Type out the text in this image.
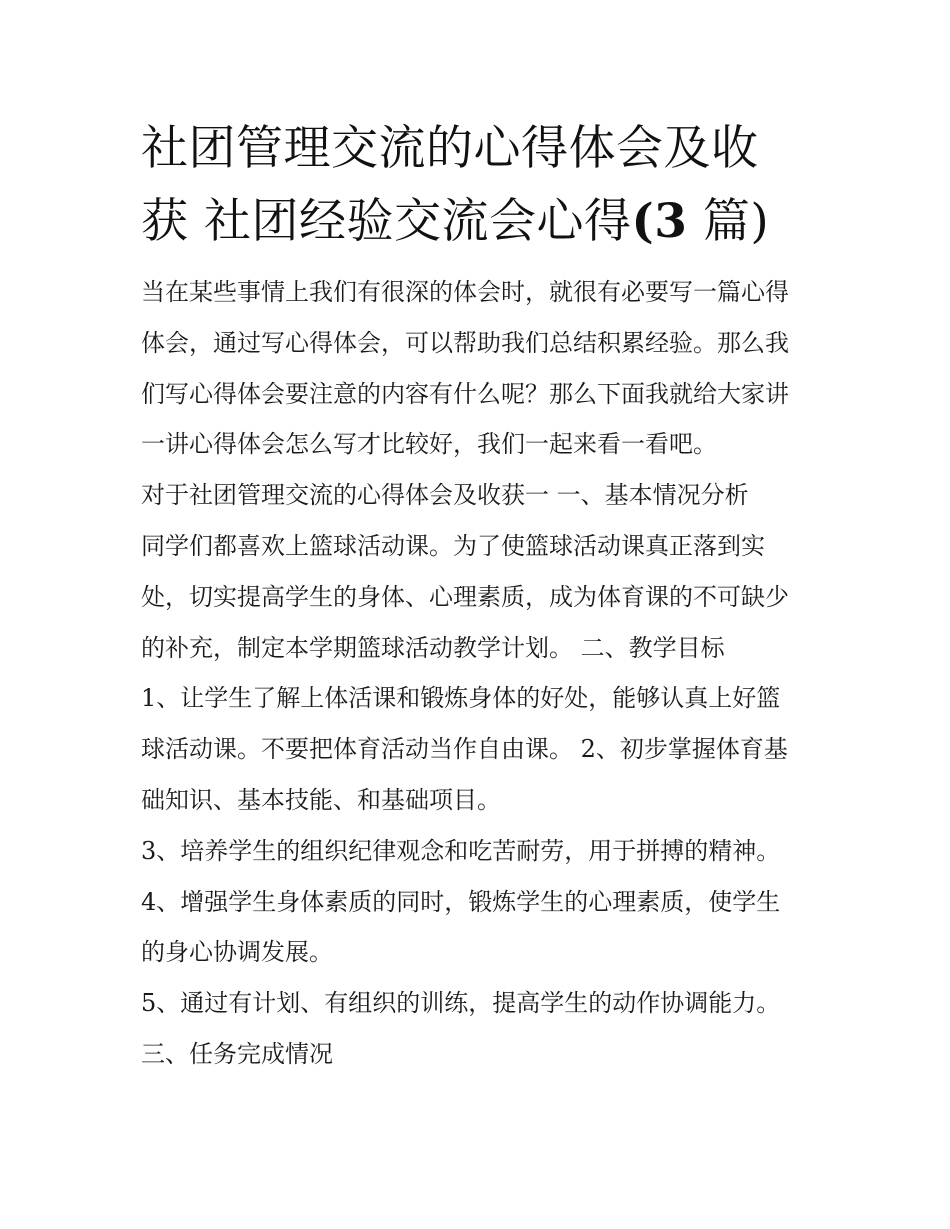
社团管理交流的心得体会及收
获 社团经验交流会心得(3 篇)
当在某些事情上我们有很深的体会时，就很有必要写一篇心得
体会，通过写心得体会，可以帮助我们总结积累经验。那么我
们写心得体会要注意的内容有什么呢？那么下面我就给大家讲
一讲心得体会怎么写才比较好，我们一起来看一看吧。
对于社团管理交流的心得体会及收获一 一、基本情况分析
同学们都喜欢上篮球活动课。为了使篮球活动课真正落到实
处，切实提高学生的身体、心理素质，成为体育课的不可缺少
的补充，制定本学期篮球活动教学计划。 二、教学目标
1、让学生了解上体活课和锻炼身体的好处，能够认真上好篮
球活动课。不要把体育活动当作自由课。 2、初步掌握体育基
础知识、基本技能、和基础项目。
3、培养学生的组织纪律观念和吃苦耐劳，用于拼搏的精神。
4、增强学生身体素质的同时，锻炼学生的心理素质，使学生
的身心协调发展。
5、通过有计划、有组织的训练，提高学生的动作协调能力。
三、任务完成情况
